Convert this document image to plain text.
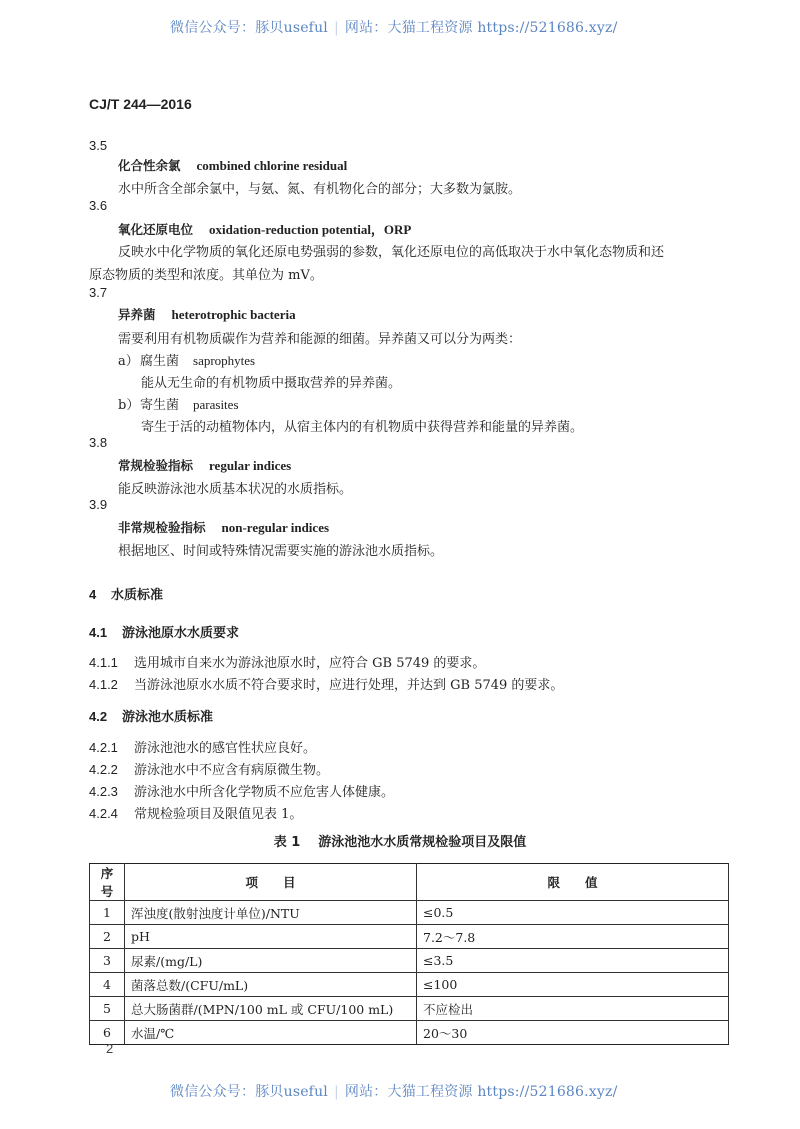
微信公众号：豚贝useful | 网站：大猫工程资源 https://521686.xyz/
CJ/T 244—2016
3.5
化合性余氯 combined chlorine residual
水中所含全部余氯中，与氨、氮、有机物化合的部分；大多数为氯胺。
3.6
氧化还原电位 oxidation-reduction potential，ORP
反映水中化学物质的氧化还原电势强弱的参数，氧化还原电位的高低取决于水中氧化态物质和还
原态物质的类型和浓度。其单位为 mV。
3.7
异养菌 heterotrophic bacteria
需要利用有机物质碳作为营养和能源的细菌。异养菌又可以分为两类：
a）腐生菌 saprophytes
能从无生命的有机物质中摄取营养的异养菌。
b）寄生菌 parasites
寄生于活的动植物体内，从宿主体内的有机物质中获得营养和能量的异养菌。
3.8
常规检验指标 regular indices
能反映游泳池水质基本状况的水质指标。
3.9
非常规检验指标 non-regular indices
根据地区、时间或特殊情况需要实施的游泳池水质指标。
4 水质标准
4.1 游泳池原水水质要求
4.1.1 选用城市自来水为游泳池原水时，应符合 GB 5749 的要求。
4.1.2 当游泳池原水水质不符合要求时，应进行处理，并达到 GB 5749 的要求。
4.2 游泳池水质标准
4.2.1 游泳池池水的感官性状应良好。
4.2.2 游泳池水中不应含有病原微生物。
4.2.3 游泳池水中所含化学物质不应危害人体健康。
4.2.4 常规检验项目及限值见表 1。
表 1 游泳池池水水质常规检验项目及限值
序号	项　　目	限　　值
1	浑浊度(散射浊度计单位)/NTU	≤0.5
2	pH	7.2～7.8
3	尿素/(mg/L)	≤3.5
4	菌落总数/(CFU/mL)	≤100
5	总大肠菌群/(MPN/100 mL 或 CFU/100 mL)	不应检出
6	水温/℃	20～30
2
微信公众号：豚贝useful | 网站：大猫工程资源 https://521686.xyz/
